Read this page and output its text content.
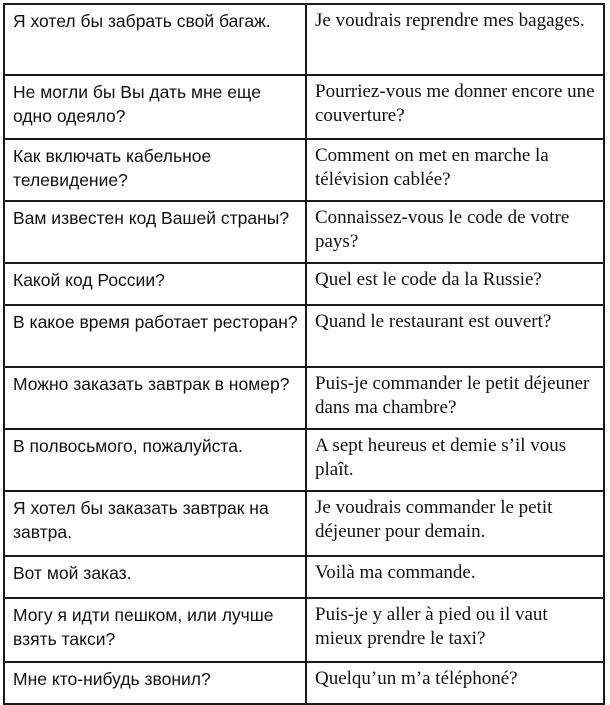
Я хотел бы забрать свой багаж.	Je voudrais reprendre mes bagages.
Не могли бы Вы дать мне еще одно одеяло?	Pourriez-vous me donner encore une couverture?
Как включать кабельное телевидение?	Comment on met en marche la télévision cablée?
Вам известен код Вашей страны?	Connaissez-vous le code de votre pays?
Какой код России?	Quel est le code da la Russie?
В какое время работает ресторан?	Quand le restaurant est ouvert?
Можно заказать завтрак в номер?	Puis-je commander le petit déjeuner dans ma chambre?
В полвосьмого, пожалуйста.	A sept heureus et demie s’il vous plaît.
Я хотел бы заказать завтрак на завтра.	Je voudrais commander le petit déjeuner pour demain.
Вот мой заказ.	Voilà ma commande.
Могу я идти пешком, или лучше взять такси?	Puis-je y aller à pied ou il vaut mieux prendre le taxi?
Мне кто-нибудь звонил?	Quelqu’un m’a téléphoné?
